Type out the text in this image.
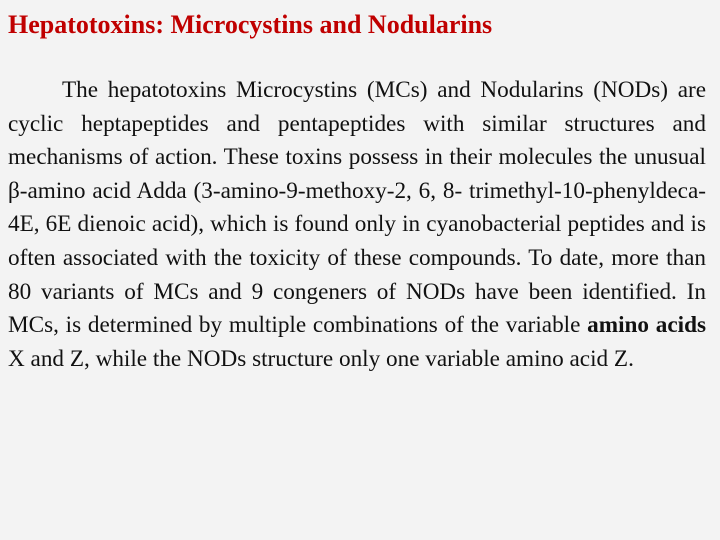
Hepatotoxins: Microcystins and Nodularins

The hepatotoxins Microcystins (MCs) and Nodularins (NODs) are cyclic heptapeptides and pentapeptides with similar structures and mechanisms of action. These toxins possess in their molecules the unusual β-amino acid Adda (3-amino-9-methoxy-2, 6, 8- trimethyl-10-phenyldeca-4E, 6E dienoic acid), which is found only in cyanobacterial peptides and is often associated with the toxicity of these compounds. To date, more than 80 variants of MCs and 9 congeners of NODs have been identified. In MCs, is determined by multiple combinations of the variable amino acids X and Z, while the NODs structure only one variable amino acid Z.
